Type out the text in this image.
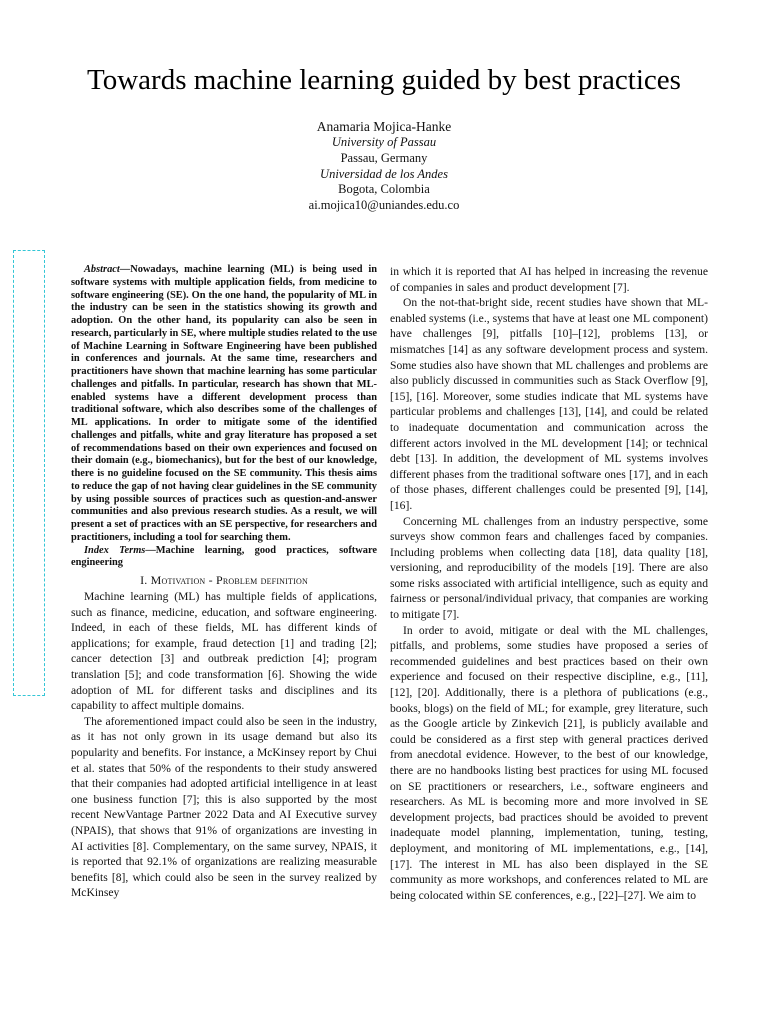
Towards machine learning guided by best practices
Anamaria Mojica-Hanke
University of Passau
Passau, Germany
Universidad de los Andes
Bogota, Colombia
ai.mojica10@uniandes.edu.co

Abstract—Nowadays, machine learning (ML) is being used in software systems with multiple application fields, from medicine to software engineering (SE). On the one hand, the popularity of ML in the industry can be seen in the statistics showing its growth and adoption. On the other hand, its popularity can also be seen in research, particularly in SE, where multiple studies related to the use of Machine Learning in Software Engineering have been published in conferences and journals. At the same time, researchers and practitioners have shown that machine learning has some particular challenges and pitfalls. In particular, research has shown that ML-enabled systems have a different development process than traditional software, which also describes some of the challenges of ML applications. In order to mitigate some of the identified challenges and pitfalls, white and gray literature has proposed a set of recommendations based on their own experiences and focused on their domain (e.g., biomechanics), but for the best of our knowledge, there is no guideline focused on the SE community. This thesis aims to reduce the gap of not having clear guidelines in the SE community by using possible sources of practices such as question-and-answer communities and also previous research studies. As a result, we will present a set of practices with an SE perspective, for researchers and practitioners, including a tool for searching them.

Index Terms—Machine learning, good practices, software engineering

I. Motivation - Problem definition

Machine learning (ML) has multiple fields of applications, such as finance, medicine, education, and software engineering. Indeed, in each of these fields, ML has different kinds of applications; for example, fraud detection [1] and trading [2]; cancer detection [3] and outbreak prediction [4]; program translation [5]; and code transformation [6]. Showing the wide adoption of ML for different tasks and disciplines and its capability to affect multiple domains.

The aforementioned impact could also be seen in the industry, as it has not only grown in its usage demand but also its popularity and benefits. For instance, a McKinsey report by Chui et al. states that 50% of the respondents to their study answered that their companies had adopted artificial intelligence in at least one business function [7]; this is also supported by the most recent NewVantage Partner 2022 Data and AI Executive survey (NPAIS), that shows that 91% of organizations are investing in AI activities [8]. Complementary, on the same survey, NPAIS, it is reported that 92.1% of organizations are realizing measurable benefits [8], which could also be seen in the survey realized by McKinsey

in which it is reported that AI has helped in increasing the revenue of companies in sales and product development [7].

On the not-that-bright side, recent studies have shown that ML-enabled systems (i.e., systems that have at least one ML component) have challenges [9], pitfalls [10]–[12], problems [13], or mismatches [14] as any software development process and system. Some studies also have shown that ML challenges and problems are also publicly discussed in communities such as Stack Overflow [9], [15], [16]. Moreover, some studies indicate that ML systems have particular problems and challenges [13], [14], and could be related to inadequate documentation and communication across the different actors involved in the ML development [14]; or technical debt [13]. In addition, the development of ML systems involves different phases from the traditional software ones [17], and in each of those phases, different challenges could be presented [9], [14], [16].

Concerning ML challenges from an industry perspective, some surveys show common fears and challenges faced by companies. Including problems when collecting data [18], data quality [18], versioning, and reproducibility of the models [19]. There are also some risks associated with artificial intelligence, such as equity and fairness or personal/individual privacy, that companies are working to mitigate [7].

In order to avoid, mitigate or deal with the ML challenges, pitfalls, and problems, some studies have proposed a series of recommended guidelines and best practices based on their own experience and focused on their respective discipline, e.g., [11], [12], [20]. Additionally, there is a plethora of publications (e.g., books, blogs) on the field of ML; for example, grey literature, such as the Google article by Zinkevich [21], is publicly available and could be considered as a first step with general practices derived from anecdotal evidence. However, to the best of our knowledge, there are no handbooks listing best practices for using ML focused on SE practitioners or researchers, i.e., software engineers and researchers. As ML is becoming more and more involved in SE development projects, bad practices should be avoided to prevent inadequate model planning, implementation, tuning, testing, deployment, and monitoring of ML implementations, e.g., [14], [17]. The interest in ML has also been displayed in the SE community as more workshops, and conferences related to ML are being colocated within SE conferences, e.g., [22]–[27]. We aim to
